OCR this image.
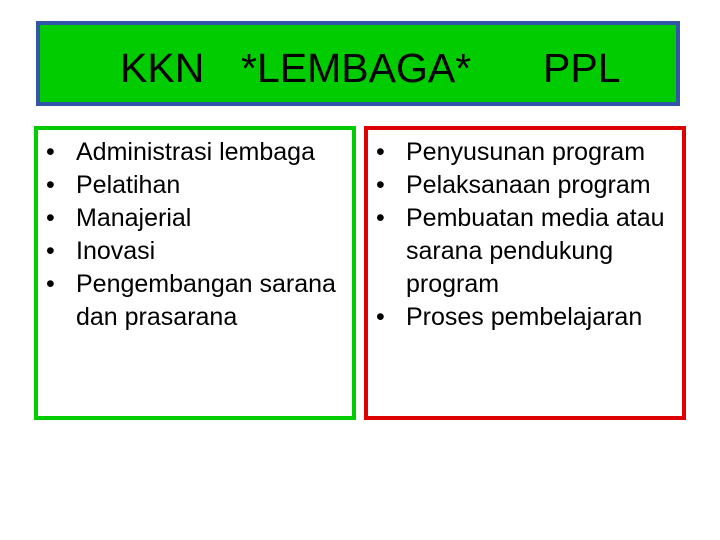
KKN *LEMBAGA* PPL
• Administrasi lembaga
• Pelatihan
• Manajerial
• Inovasi
• Pengembangan sarana dan prasarana
• Penyusunan program
• Pelaksanaan program
• Pembuatan media atau sarana pendukung program
• Proses pembelajaran
